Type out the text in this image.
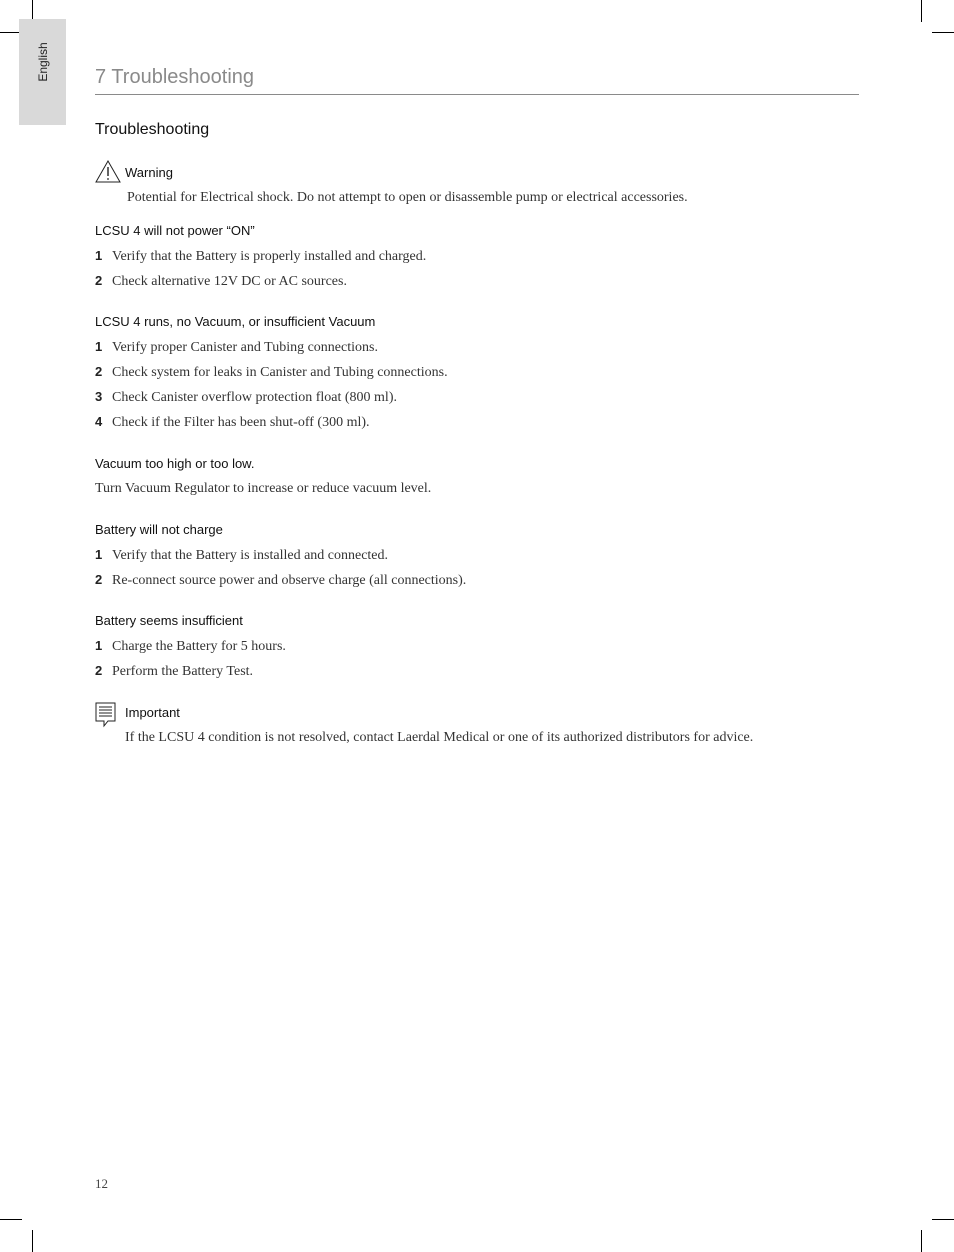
English 7 Troubleshooting
Troubleshooting
Warning
Potential for Electrical shock. Do not attempt to open or disassemble pump or electrical accessories.
LCSU 4 will not power “ON”
1 Verify that the Battery is properly installed and charged.
2 Check alternative 12V DC or AC sources.
LCSU 4 runs, no Vacuum, or insufficient Vacuum
1 Verify proper Canister and Tubing connections.
2 Check system for leaks in Canister and Tubing connections.
3 Check Canister overflow protection float (800 ml).
4 Check if the Filter has been shut-off (300 ml).
Vacuum too high or too low.
Turn Vacuum Regulator to increase or reduce vacuum level.
Battery will not charge
1 Verify that the Battery is installed and connected.
2 Re-connect source power and observe charge (all connections).
Battery seems insufficient
1 Charge the Battery for 5 hours.
2 Perform the Battery Test.
Important
If the LCSU 4 condition is not resolved, contact Laerdal Medical or one of its authorized distributors for advice.
12
